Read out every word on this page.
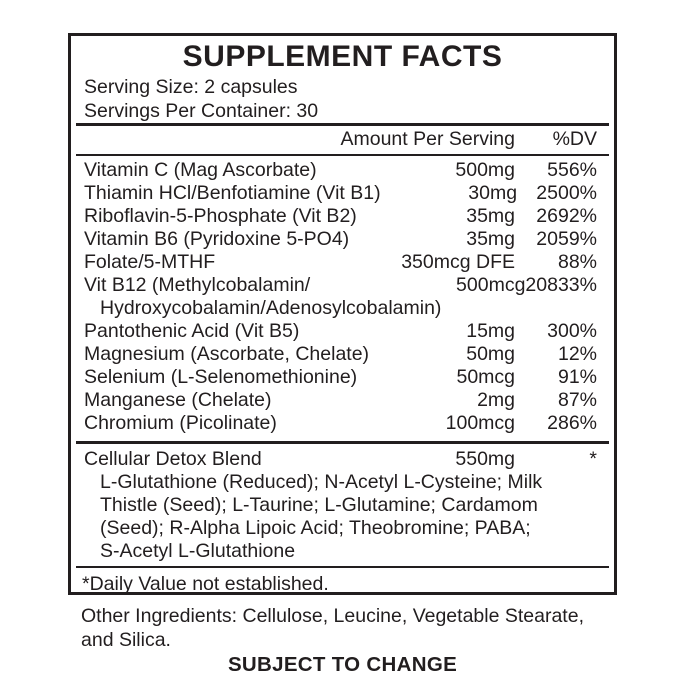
SUPPLEMENT FACTS
Serving Size: 2 capsules
Servings Per Container: 30
Amount Per Serving	%DV
Vitamin C (Mag Ascorbate)	500mg	556%
Thiamin HCl/Benfotiamine (Vit B1)	30mg 2500%
Riboflavin-5-Phosphate (Vit B2)	35mg	2692%
Vitamin B6 (Pyridoxine 5-PO4)	35mg	2059%
Folate/5-MTHF	350mcg DFE	88%
Vit B12 (Methylcobalamin/
Hydroxycobalamin/Adenosylcobalamin)
500mcg 20833%
Pantothenic Acid (Vit B5)	15mg	300%
Magnesium (Ascorbate, Chelate)	50mg	12%
Selenium (L-Selenomethionine)	50mcg	91%
Manganese (Chelate)	2mg	87%
Chromium (Picolinate)	100mcg	286%
Cellular Detox Blend	550mg	*
L-Glutathione (Reduced); N-Acetyl L-Cysteine; Milk
Thistle (Seed); L-Taurine; L-Glutamine; Cardamom
(Seed); R-Alpha Lipoic Acid; Theobromine; PABA;
S-Acetyl L-Glutathione
*Daily Value not established.
Other Ingredients: Cellulose, Leucine, Vegetable Stearate,
and Silica.
SUBJECT TO CHANGE
